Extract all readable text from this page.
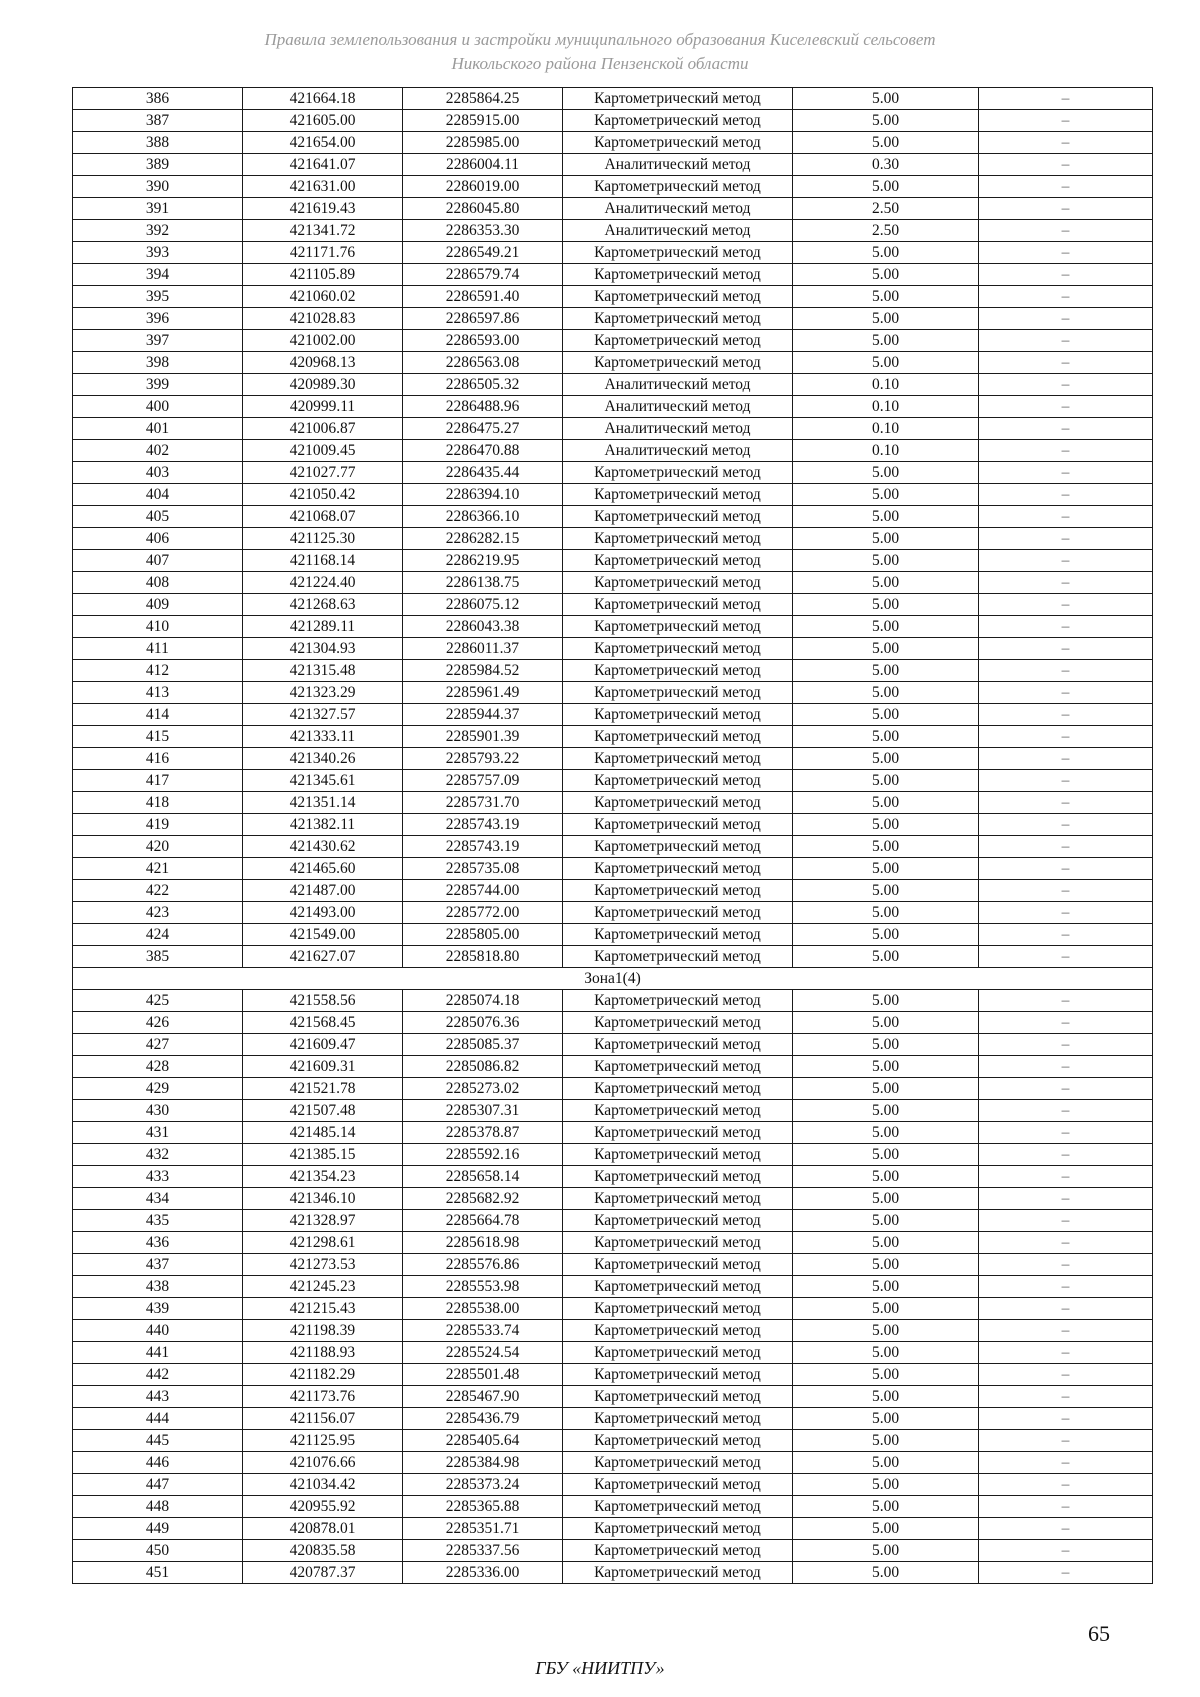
Правила землепользования и застройки муниципального образования Киселевский сельсовет
Никольского района Пензенской области
386	421664.18	2285864.25	Картометрический метод	5.00	–
387	421605.00	2285915.00	Картометрический метод	5.00	–
388	421654.00	2285985.00	Картометрический метод	5.00	–
389	421641.07	2286004.11	Аналитический метод	0.30	–
390	421631.00	2286019.00	Картометрический метод	5.00	–
391	421619.43	2286045.80	Аналитический метод	2.50	–
392	421341.72	2286353.30	Аналитический метод	2.50	–
393	421171.76	2286549.21	Картометрический метод	5.00	–
394	421105.89	2286579.74	Картометрический метод	5.00	–
395	421060.02	2286591.40	Картометрический метод	5.00	–
396	421028.83	2286597.86	Картометрический метод	5.00	–
397	421002.00	2286593.00	Картометрический метод	5.00	–
398	420968.13	2286563.08	Картометрический метод	5.00	–
399	420989.30	2286505.32	Аналитический метод	0.10	–
400	420999.11	2286488.96	Аналитический метод	0.10	–
401	421006.87	2286475.27	Аналитический метод	0.10	–
402	421009.45	2286470.88	Аналитический метод	0.10	–
403	421027.77	2286435.44	Картометрический метод	5.00	–
404	421050.42	2286394.10	Картометрический метод	5.00	–
405	421068.07	2286366.10	Картометрический метод	5.00	–
406	421125.30	2286282.15	Картометрический метод	5.00	–
407	421168.14	2286219.95	Картометрический метод	5.00	–
408	421224.40	2286138.75	Картометрический метод	5.00	–
409	421268.63	2286075.12	Картометрический метод	5.00	–
410	421289.11	2286043.38	Картометрический метод	5.00	–
411	421304.93	2286011.37	Картометрический метод	5.00	–
412	421315.48	2285984.52	Картометрический метод	5.00	–
413	421323.29	2285961.49	Картометрический метод	5.00	–
414	421327.57	2285944.37	Картометрический метод	5.00	–
415	421333.11	2285901.39	Картометрический метод	5.00	–
416	421340.26	2285793.22	Картометрический метод	5.00	–
417	421345.61	2285757.09	Картометрический метод	5.00	–
418	421351.14	2285731.70	Картометрический метод	5.00	–
419	421382.11	2285743.19	Картометрический метод	5.00	–
420	421430.62	2285743.19	Картометрический метод	5.00	–
421	421465.60	2285735.08	Картометрический метод	5.00	–
422	421487.00	2285744.00	Картометрический метод	5.00	–
423	421493.00	2285772.00	Картометрический метод	5.00	–
424	421549.00	2285805.00	Картометрический метод	5.00	–
385	421627.07	2285818.80	Картометрический метод	5.00	–
Зона1(4)					
425	421558.56	2285074.18	Картометрический метод	5.00	–
426	421568.45	2285076.36	Картометрический метод	5.00	–
427	421609.47	2285085.37	Картометрический метод	5.00	–
428	421609.31	2285086.82	Картометрический метод	5.00	–
429	421521.78	2285273.02	Картометрический метод	5.00	–
430	421507.48	2285307.31	Картометрический метод	5.00	–
431	421485.14	2285378.87	Картометрический метод	5.00	–
432	421385.15	2285592.16	Картометрический метод	5.00	–
433	421354.23	2285658.14	Картометрический метод	5.00	–
434	421346.10	2285682.92	Картометрический метод	5.00	–
435	421328.97	2285664.78	Картометрический метод	5.00	–
436	421298.61	2285618.98	Картометрический метод	5.00	–
437	421273.53	2285576.86	Картометрический метод	5.00	–
438	421245.23	2285553.98	Картометрический метод	5.00	–
439	421215.43	2285538.00	Картометрический метод	5.00	–
440	421198.39	2285533.74	Картометрический метод	5.00	–
441	421188.93	2285524.54	Картометрический метод	5.00	–
442	421182.29	2285501.48	Картометрический метод	5.00	–
443	421173.76	2285467.90	Картометрический метод	5.00	–
444	421156.07	2285436.79	Картометрический метод	5.00	–
445	421125.95	2285405.64	Картометрический метод	5.00	–
446	421076.66	2285384.98	Картометрический метод	5.00	–
447	421034.42	2285373.24	Картометрический метод	5.00	–
448	420955.92	2285365.88	Картометрический метод	5.00	–
449	420878.01	2285351.71	Картометрический метод	5.00	–
450	420835.58	2285337.56	Картометрический метод	5.00	–
451	420787.37	2285336.00	Картометрический метод	5.00	–
65
ГБУ «НИИТПУ»
